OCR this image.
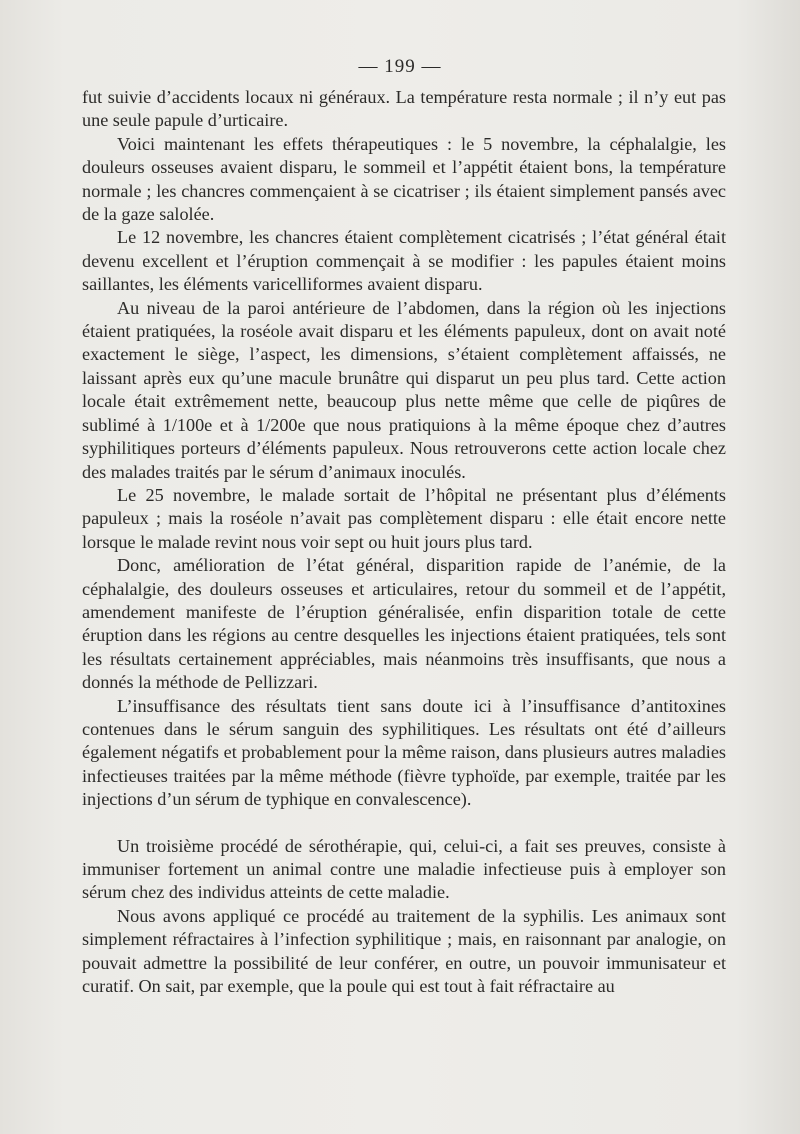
— 199 —

fut suivie d’accidents locaux ni généraux. La température resta normale ; il n’y eut pas une seule papule d’urticaire.

Voici maintenant les effets thérapeutiques : le 5 novembre, la céphalalgie, les douleurs osseuses avaient disparu, le sommeil et l’appétit étaient bons, la température normale ; les chancres commençaient à se cicatriser ; ils étaient simplement pansés avec de la gaze salolée.

Le 12 novembre, les chancres étaient complètement cicatrisés ; l’état général était devenu excellent et l’éruption commençait à se modifier : les papules étaient moins saillantes, les éléments varicelliformes avaient disparu.

Au niveau de la paroi antérieure de l’abdomen, dans la région où les injections étaient pratiquées, la roséole avait disparu et les éléments papuleux, dont on avait noté exactement le siège, l’aspect, les dimensions, s’étaient complètement affaissés, ne laissant après eux qu’une macule brunâtre qui disparut un peu plus tard. Cette action locale était extrêmement nette, beaucoup plus nette même que celle de piqûres de sublimé à 1/100e et à 1/200e que nous pratiquions à la même époque chez d’autres syphilitiques porteurs d’éléments papuleux. Nous retrouverons cette action locale chez des malades traités par le sérum d’animaux inoculés.

Le 25 novembre, le malade sortait de l’hôpital ne présentant plus d’éléments papuleux ; mais la roséole n’avait pas complètement disparu : elle était encore nette lorsque le malade revint nous voir sept ou huit jours plus tard.

Donc, amélioration de l’état général, disparition rapide de l’anémie, de la céphalalgie, des douleurs osseuses et articulaires, retour du sommeil et de l’appétit, amendement manifeste de l’éruption généralisée, enfin disparition totale de cette éruption dans les régions au centre desquelles les injections étaient pratiquées, tels sont les résultats certainement appréciables, mais néanmoins très insuffisants, que nous a donnés la méthode de Pellizzari.

L’insuffisance des résultats tient sans doute ici à l’insuffisance d’antitoxines contenues dans le sérum sanguin des syphilitiques. Les résultats ont été d’ailleurs également négatifs et probablement pour la même raison, dans plusieurs autres maladies infectieuses traitées par la même méthode (fièvre typhoïde, par exemple, traitée par les injections d’un sérum de typhique en convalescence).

Un troisième procédé de sérothérapie, qui, celui-ci, a fait ses preuves, consiste à immuniser fortement un animal contre une maladie infectieuse puis à employer son sérum chez des individus atteints de cette maladie.

Nous avons appliqué ce procédé au traitement de la syphilis. Les animaux sont simplement réfractaires à l’infection syphilitique ; mais, en raisonnant par analogie, on pouvait admettre la possibilité de leur conférer, en outre, un pouvoir immunisateur et curatif. On sait, par exemple, que la poule qui est tout à fait réfractaire au
